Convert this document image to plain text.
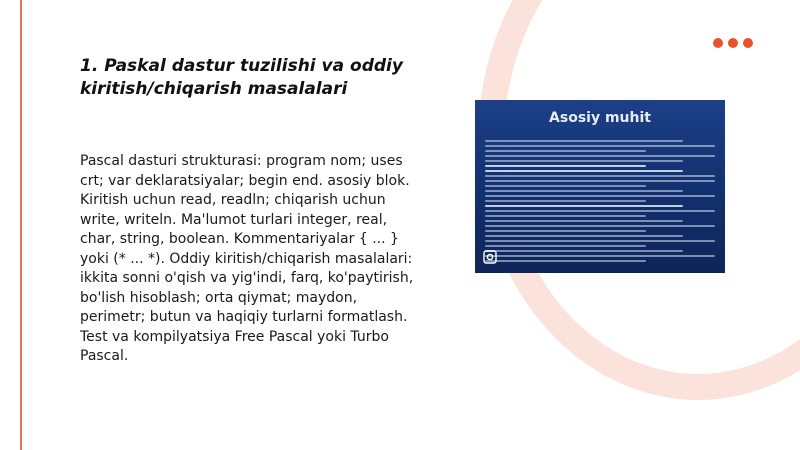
1. Paskal dastur tuzilishi va oddiy kiritish/chiqarish masalalari

Pascal dasturi strukturasi: program nom; uses crt; var deklaratsiyalar; begin end. asosiy blok. Kiritish uchun read, readln; chiqarish uchun write, writeln. Ma'lumot turlari integer, real, char, string, boolean. Kommentariyalar { ... } yoki (* ... *). Oddiy kiritish/chiqarish masalalari: ikkita sonni o'qish va yig'indi, farq, ko'paytirish, bo'lish hisoblash; orta qiymat; maydon, perimetr; butun va haqiqiy turlarni formatlash. Test va kompilyatsiya Free Pascal yoki Turbo Pascal.

Asosiy muhit
